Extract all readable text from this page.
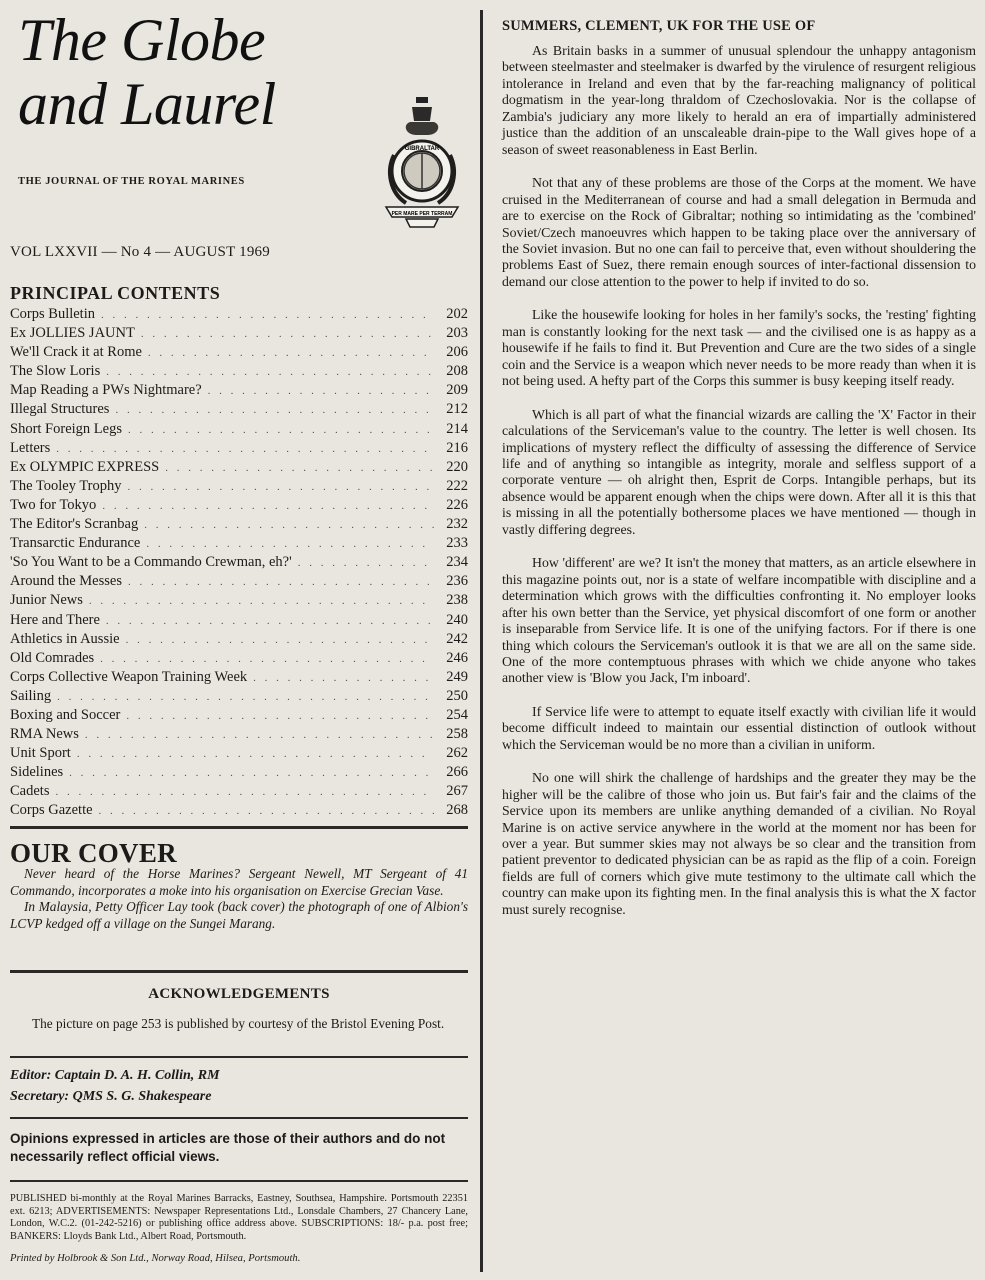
The Globe
and Laurel
THE JOURNAL OF THE ROYAL MARINES
GIBRALTAR
PER MARE PER TERRAM
VOL LXXVII — No 4 — AUGUST 1969
PRINCIPAL CONTENTS
Corps Bulletin . . .	202
Ex JOLLIES JAUNT . . .	203
We'll Crack it at Rome . . .	206
The Slow Loris . . .	208
Map Reading a PWs Nightmare? . . .	209
Illegal Structures . . .	212
Short Foreign Legs . . .	214
Letters . . .	216
Ex OLYMPIC EXPRESS . . .	220
The Tooley Trophy . . .	222
Two for Tokyo . . .	226
The Editor's Scranbag . . .	232
Transarctic Endurance . . .	233
'So You Want to be a Commando Crewman, eh?' . . .	234
Around the Messes . . .	236
Junior News . . .	238
Here and There . . .	240
Athletics in Aussie . . .	242
Old Comrades . . .	246
Corps Collective Weapon Training Week . . .	249
Sailing . . .	250
Boxing and Soccer . . .	254
RMA News . . .	258
Unit Sport . . .	262
Sidelines . . .	266
Cadets . . .	267
Corps Gazette . . .	268
OUR COVER

Never heard of the Horse Marines? Sergeant Newell, MT Sergeant of 41 Commando, incorporates a moke into his organisation on Exercise Grecian Vase.

In Malaysia, Petty Officer Lay took (back cover) the photograph of one of Albion's LCVP kedged off a village on the Sungei Marang.

ACKNOWLEDGEMENTS

The picture on page 253 is published by courtesy of the Bristol Evening Post.

Editor: Captain D. A. H. Collin, RM
Secretary: QMS S. G. Shakespeare
Opinions expressed in articles are those of their authors and do not necessarily reflect official views.
PUBLISHED bi-monthly at the Royal Marines Barracks, Eastney, Southsea, Hampshire. Portsmouth 22351 ext. 6213; ADVERTISEMENTS: Newspaper Representations Ltd., Lonsdale Chambers, 27 Chancery Lane, London, W.C.2. (01-242-5216) or publishing office address above. SUBSCRIPTIONS: 18/- p.a. post free; BANKERS: Lloyds Bank Ltd., Albert Road, Portsmouth.
Printed by Holbrook & Son Ltd., Norway Road, Hilsea, Portsmouth.
SUMMERS, CLEMENT, UK FOR THE USE OF

As Britain basks in a summer of unusual splendour the unhappy antagonism between steelmaster and steelmaker is dwarfed by the virulence of resurgent religious intolerance in Ireland and even that by the far-reaching malignancy of political dogmatism in the year-long thraldom of Czechoslovakia. Nor is the collapse of Zambia's judiciary any more likely to herald an era of impartially administered justice than the addition of an unscaleable drain-pipe to the Wall gives hope of a season of sweet reasonableness in East Berlin.

Not that any of these problems are those of the Corps at the moment. We have cruised in the Mediterranean of course and had a small delegation in Bermuda and are to exercise on the Rock of Gibraltar; nothing so intimidating as the 'combined' Soviet/Czech manoeuvres which happen to be taking place over the anniversary of the Soviet invasion. But no one can fail to perceive that, even without shouldering the problems East of Suez, there remain enough sources of inter-factional dissension to demand our close attention to the power to help if invited to do so.

Like the housewife looking for holes in her family's socks, the 'resting' fighting man is constantly looking for the next task — and the civilised one is as happy as a housewife if he fails to find it. But Prevention and Cure are the two sides of a single coin and the Service is a weapon which never needs to be more ready than when it is not being used. A hefty part of the Corps this summer is busy keeping itself ready.

Which is all part of what the financial wizards are calling the 'X' Factor in their calculations of the Serviceman's value to the country. The letter is well chosen. Its implications of mystery reflect the difficulty of assessing the difference of Service life and of anything so intangible as integrity, morale and selfless support of a corporate venture — oh alright then, Esprit de Corps. Intangible perhaps, but its absence would be apparent enough when the chips were down. After all it is this that is missing in all the potentially bothersome places we have mentioned — though in vastly differing degrees.

How 'different' are we? It isn't the money that matters, as an article elsewhere in this magazine points out, nor is a state of welfare incompatible with discipline and a determination which grows with the difficulties confronting it. No employer looks after his own better than the Service, yet physical discomfort of one form or another is inseparable from Service life. It is one of the unifying factors. For if there is one thing which colours the Serviceman's outlook it is that we are all on the same side. One of the more contemptuous phrases with which we chide anyone who takes another view is 'Blow you Jack, I'm inboard'.

If Service life were to attempt to equate itself exactly with civilian life it would become difficult indeed to maintain our essential distinction of outlook without which the Serviceman would be no more than a civilian in uniform.

No one will shirk the challenge of hardships and the greater they may be the higher will be the calibre of those who join us. But fair's fair and the claims of the Service upon its members are unlike anything demanded of a civilian. No Royal Marine is on active service anywhere in the world at the moment nor has been for over a year. But summer skies may not always be so clear and the transition from patient preventor to dedicated physician can be as rapid as the flip of a coin. Foreign fields are full of corners which give mute testimony to the ultimate call which the country can make upon its fighting men. In the final analysis this is what the X factor must surely recognise.
